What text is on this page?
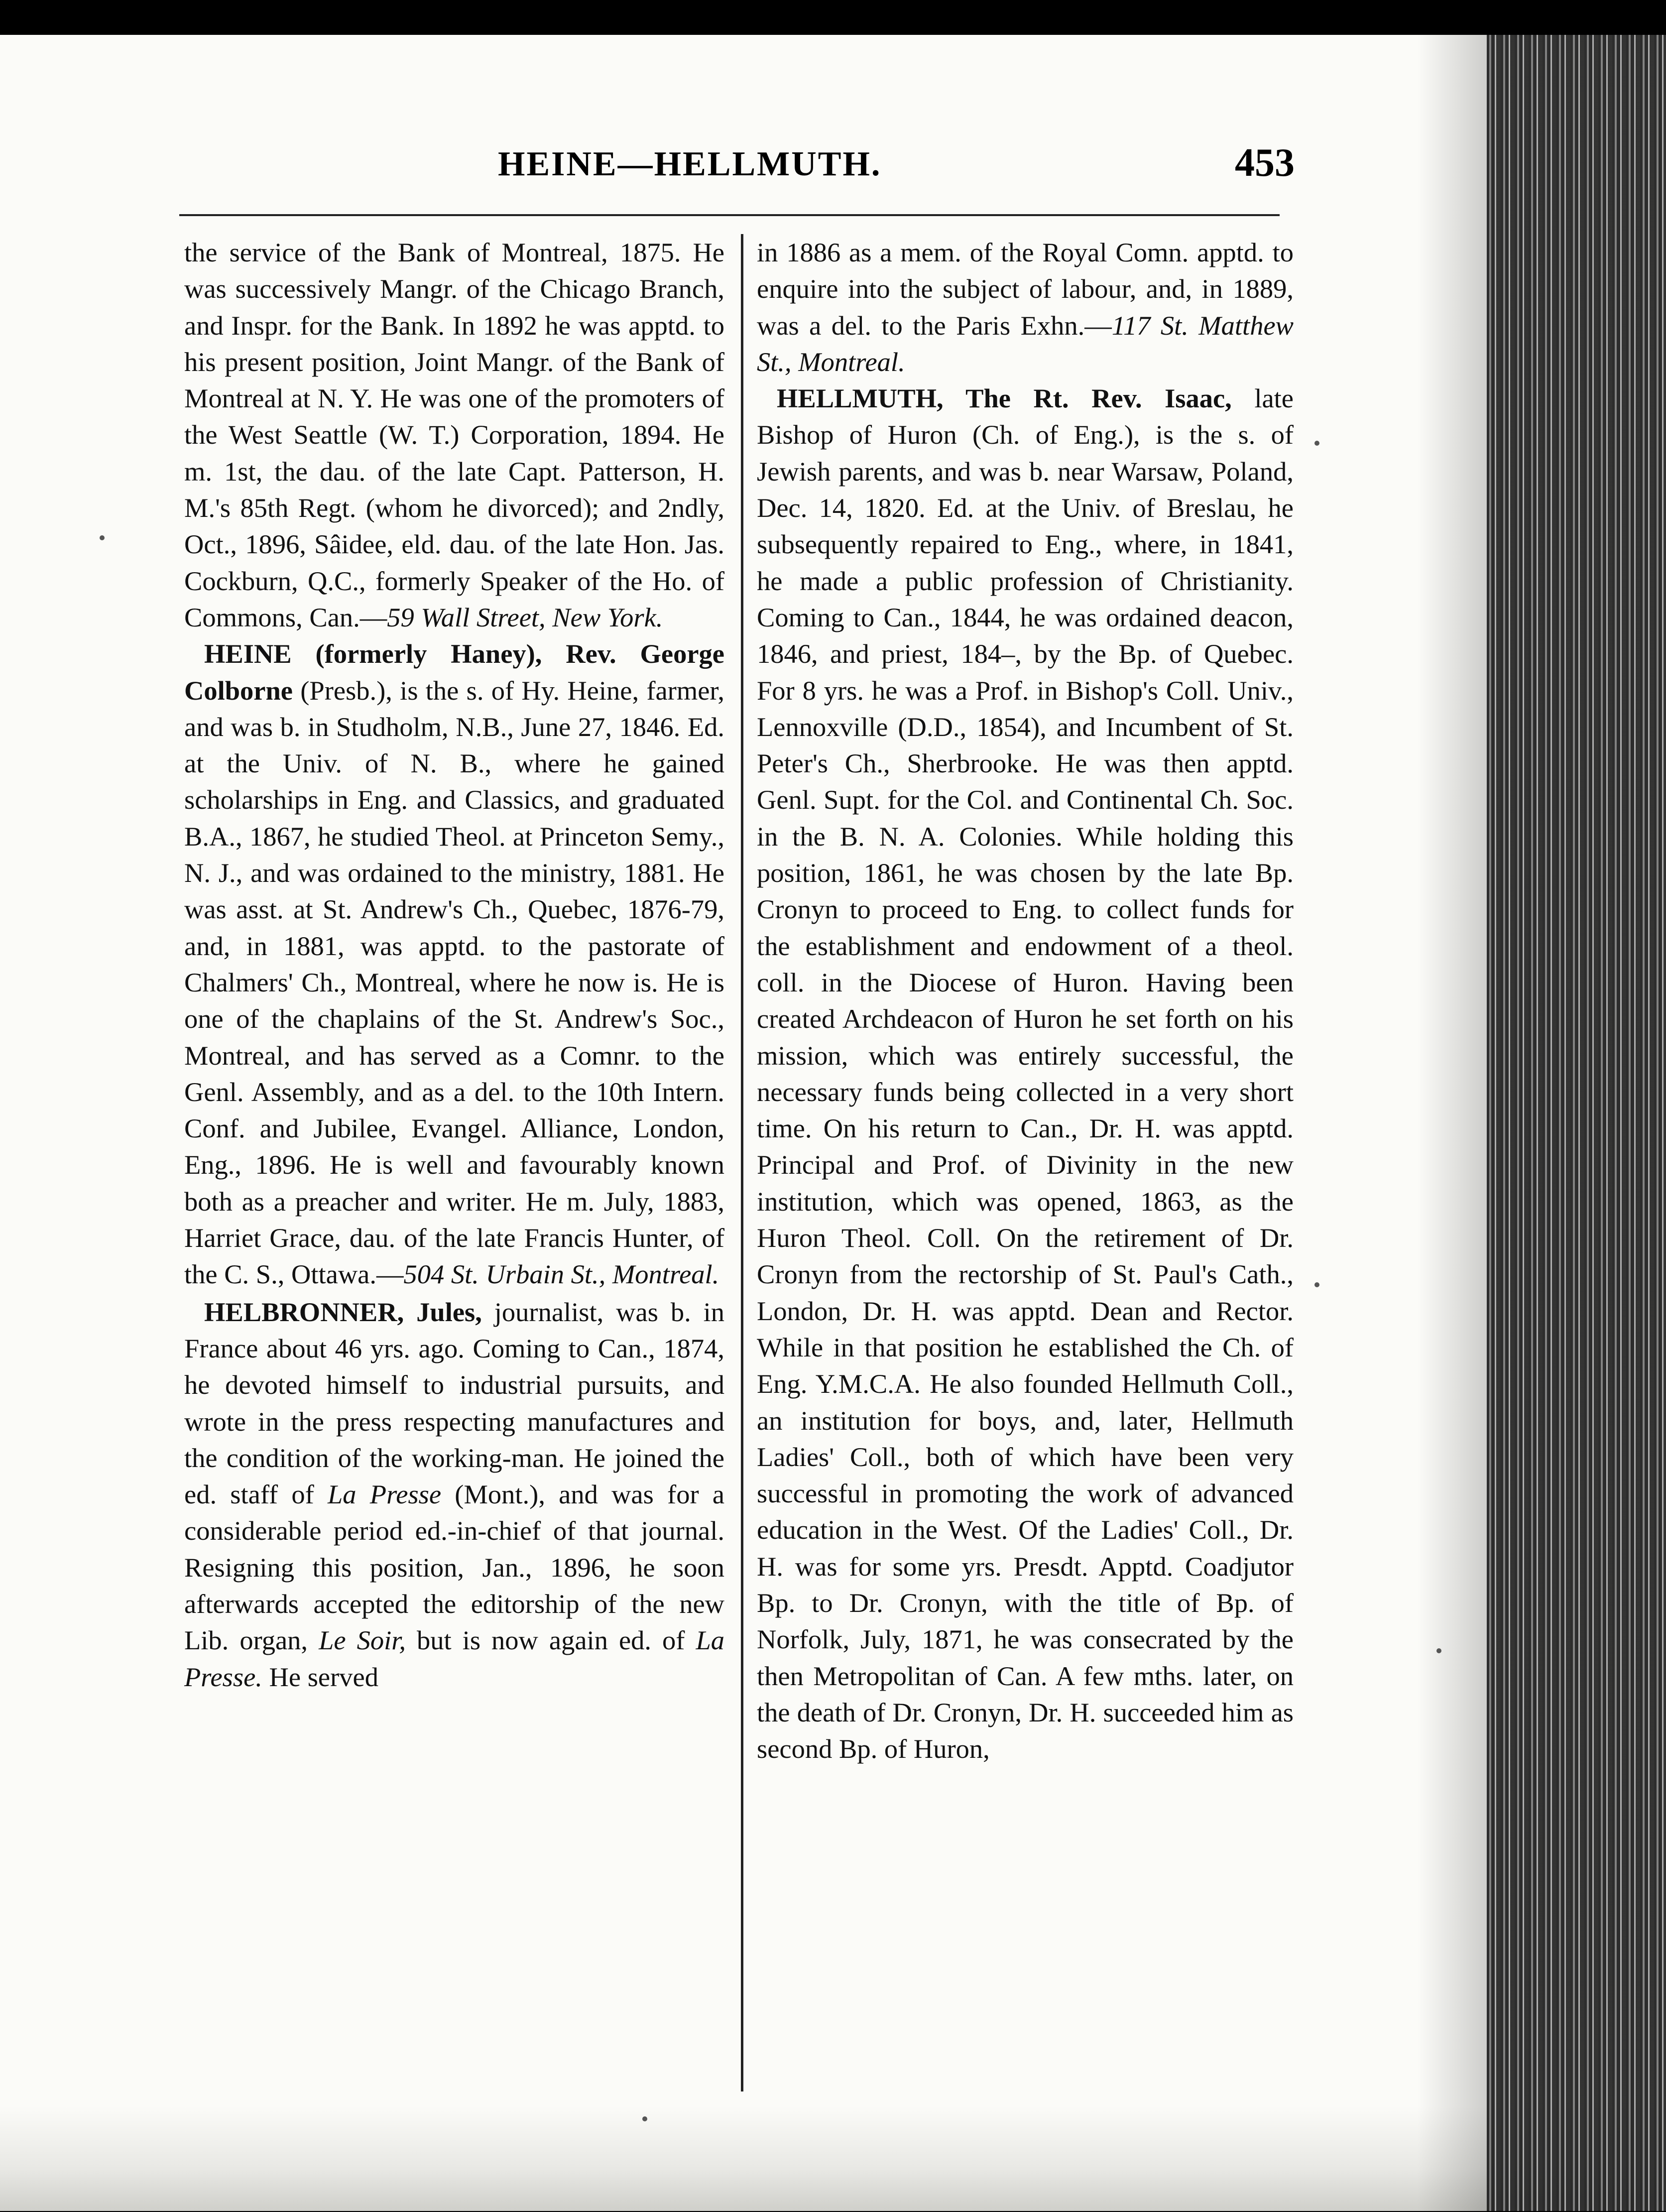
HEINE—HELLMUTH.	453

the service of the Bank of Montreal, 1875. He was successively Mangr. of the Chicago Branch, and Inspr. for the Bank. In 1892 he was apptd. to his present position, Joint Mangr. of the Bank of Montreal at N. Y. He was one of the promoters of the West Seattle (W. T.) Corporation, 1894. He m. 1st, the dau. of the late Capt. Patterson, H. M.'s 85th Regt. (whom he divorced); and 2ndly, Oct., 1896, Sâidee, eld. dau. of the late Hon. Jas. Cockburn, Q.C., formerly Speaker of the Ho. of Commons, Can.—59 Wall Street, New York.

HEINE (formerly Haney), Rev. George Colborne (Presb.), is the s. of Hy. Heine, farmer, and was b. in Studholm, N.B., June 27, 1846. Ed. at the Univ. of N. B., where he gained scholarships in Eng. and Classics, and graduated B.A., 1867, he studied Theol. at Princeton Semy., N. J., and was ordained to the ministry, 1881. He was asst. at St. Andrew's Ch., Quebec, 1876-79, and, in 1881, was apptd. to the pastorate of Chalmers' Ch., Montreal, where he now is. He is one of the chaplains of the St. Andrew's Soc., Montreal, and has served as a Comnr. to the Genl. Assembly, and as a del. to the 10th Intern. Conf. and Jubilee, Evangel. Alliance, London, Eng., 1896. He is well and favourably known both as a preacher and writer. He m. July, 1883, Harriet Grace, dau. of the late Francis Hunter, of the C. S., Ottawa.—504 St. Urbain St., Montreal.

HELBRONNER, Jules, journalist, was b. in France about 46 yrs. ago. Coming to Can., 1874, he devoted himself to industrial pursuits, and wrote in the press respecting manufactures and the condition of the working-man. He joined the ed. staff of La Presse (Mont.), and was for a considerable period ed.-in-chief of that journal. Resigning this position, Jan., 1896, he soon afterwards accepted the editorship of the new Lib. organ, Le Soir, but is now again ed. of La Presse. He served

in 1886 as a mem. of the Royal Comn. apptd. to enquire into the subject of labour, and, in 1889, was a del. to the Paris Exhn.—117 St. Matthew St., Montreal.

HELLMUTH, The Rt. Rev. Isaac, late Bishop of Huron (Ch. of Eng.), is the s. of Jewish parents, and was b. near Warsaw, Poland, Dec. 14, 1820. Ed. at the Univ. of Breslau, he subsequently repaired to Eng., where, in 1841, he made a public profession of Christianity. Coming to Can., 1844, he was ordained deacon, 1846, and priest, 184–, by the Bp. of Quebec. For 8 yrs. he was a Prof. in Bishop's Coll. Univ., Lennoxville (D.D., 1854), and Incumbent of St. Peter's Ch., Sherbrooke. He was then apptd. Genl. Supt. for the Col. and Continental Ch. Soc. in the B. N. A. Colonies. While holding this position, 1861, he was chosen by the late Bp. Cronyn to proceed to Eng. to collect funds for the establishment and endowment of a theol. coll. in the Diocese of Huron. Having been created Archdeacon of Huron he set forth on his mission, which was entirely successful, the necessary funds being collected in a very short time. On his return to Can., Dr. H. was apptd. Principal and Prof. of Divinity in the new institution, which was opened, 1863, as the Huron Theol. Coll. On the retirement of Dr. Cronyn from the rectorship of St. Paul's Cath., London, Dr. H. was apptd. Dean and Rector. While in that position he established the Ch. of Eng. Y.M.C.A. He also founded Hellmuth Coll., an institution for boys, and, later, Hellmuth Ladies' Coll., both of which have been very successful in promoting the work of advanced education in the West. Of the Ladies' Coll., Dr. H. was for some yrs. Presdt. Apptd. Coadjutor Bp. to Dr. Cronyn, with the title of Bp. of Norfolk, July, 1871, he was consecrated by the then Metropolitan of Can. A few mths. later, on the death of Dr. Cronyn, Dr. H. succeeded him as second Bp. of Huron,
